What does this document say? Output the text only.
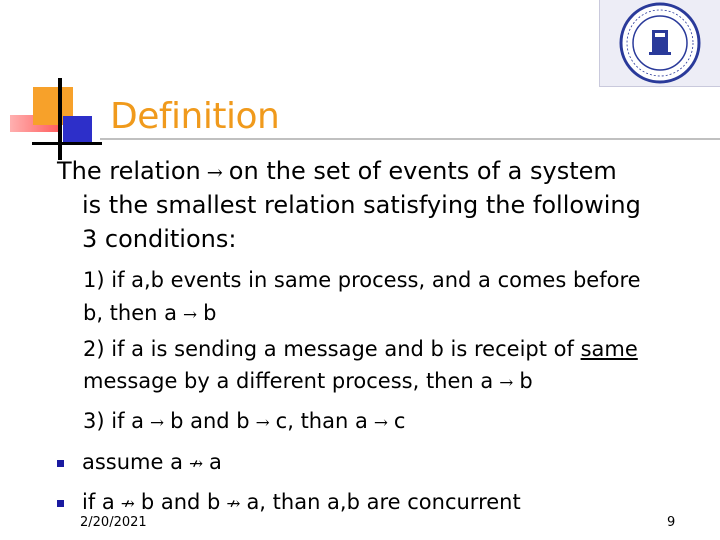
Definition
The relation → on the set of events of a system
is the smallest relation satisfying the following
3 conditions:
1) if a,b events in same process, and a comes before
b, then a → b
2) if a is sending a message and b is receipt of same
message by a different process, then a → b
3) if a → b and b → c, than a → c
assume a ↛ a
if a ↛ b and b ↛ a, than a,b are concurrent
2/20/2021	9
